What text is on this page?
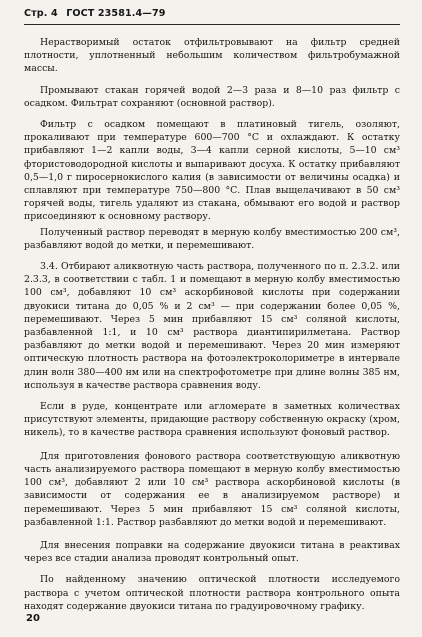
Стр. 4 ГОСТ 23581.4—79

Нерастворимый остаток отфильтровывают на фильтр средней плотности, уплотненный небольшим количеством фильтробумажной массы.

Промывают стакан горячей водой 2—3 раза и 8—10 раз фильтр с осадком. Фильтрат сохраняют (основной раствор).

Фильтр с осадком помещают в платиновый тигель, озоляют, прокаливают при температуре 600—700 °С и охлаждают. К остатку прибавляют 1—2 капли воды, 3—4 капли серной кислоты, 5—10 см³ фтористоводородной кислоты и выпаривают досуха. К остатку прибавляют 0,5—1,0 г пиросернокислого калия (в зависимости от величины осадка) и сплавляют при температуре 750—800 °С. Плав выщелачивают в 50 см³ горячей воды, тигель удаляют из стакана, обмывают его водой и раствор присоединяют к основному раствору.

Полученный раствор переводят в мерную колбу вместимостью 200 см³, разбавляют водой до метки, и перемешивают.

3.4. Отбирают аликвотную часть раствора, полученного по п. 2.3.2. или 2.3.3, в соответствии с табл. 1 и помещают в мерную колбу вместимостью 100 см³, добавляют 10 см³ аскорбиновой кислоты при содержании двуокиси титана до 0,05 % и 2 см³ — при содержании более 0,05 %, перемешивают. Через 5 мин прибавляют 15 см³ соляной кислоты, разбавленной 1:1, и 10 см³ раствора диантипирилметана. Раствор разбавляют до метки водой и перемешивают. Через 20 мин измеряют оптическую плотность раствора на фотоэлектроколориметре в интервале длин волн 380—400 нм или на спектрофотометре при длине волны 385 нм, используя в качестве раствора сравнения воду.

Если в руде, концентрате или агломерате в заметных количествах присутствуют элементы, придающие раствору собственную окраску (хром, никель), то в качестве раствора сравнения используют фоновый раствор.

Для приготовления фонового раствора соответствующую аликвотную часть анализируемого раствора помещают в мерную колбу вместимостью 100 см³, добавляют 2 или 10 см³ раствора аскорбиновой кислоты (в зависимости от содержания ее в анализируемом растворе) и перемешивают. Через 5 мин прибавляют 15 см³ соляной кислоты, разбавленной 1:1. Раствор разбавляют до метки водой и перемешивают.

Для внесения поправки на содержание двуокиси титана в реактивах через все стадии анализа проводят контрольный опыт.

По найденному значению оптической плотности исследуемого раствора с учетом оптической плотности раствора контрольного опыта находят содержание двуокиси титана по градуировочному графику.

20
